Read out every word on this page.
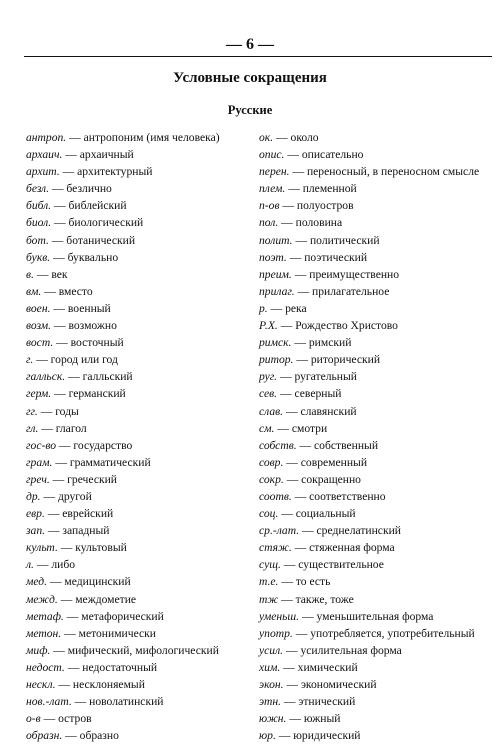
— 6 —
Условные сокращения
Русские
антроп. — антропоним (имя человека)
архаич. — архаичный
архит. — архитектурный
безл. — безлично
библ. — библейский
биол. — биологический
бот. — ботанический
букв. — буквально
в. — век
вм. — вместо
воен. — военный
возм. — возможно
вост. — восточный
г. — город или год
галльск. — галльский
герм. — германский
гг. — годы
гл. — глагол
гос-во — государство
грам. — грамматический
греч. — греческий
др. — другой
евр. — еврейский
зап. — западный
культ. — культовый
л. — либо
мед. — медицинский
межд. — междометие
метаф. — метафорический
метон. — метонимически
миф. — мифический, мифологический
недост. — недостаточный
нескл. — несклоняемый
нов.-лат. — новолатинский
о-в — остров
образн. — образно
ок. — около
опис. — описательно
перен. — переносный, в переносном смысле
плем. — племенной
п-ов — полуостров
пол. — половина
полит. — политический
поэт. — поэтический
преим. — преимущественно
прилаг. — прилагательное
р. — река
Р.Х. — Рождество Христово
римск. — римский
ритор. — риторический
руг. — ругательный
сев. — северный
слав. — славянский
см. — смотри
собств. — собственный
совр. — современный
сокр. — сокращенно
соотв. — соответственно
соц. — социальный
ср.-лат. — среднелатинский
стяж. — стяженная форма
сущ. — существительное
т.е. — то есть
тж — также, тоже
уменьш. — уменьшительная форма
употр. — употребляется, употребительный
усил. — усилительная форма
хим. — химический
экон. — экономический
этн. — этнический
южн. — южный
юр. — юридический
